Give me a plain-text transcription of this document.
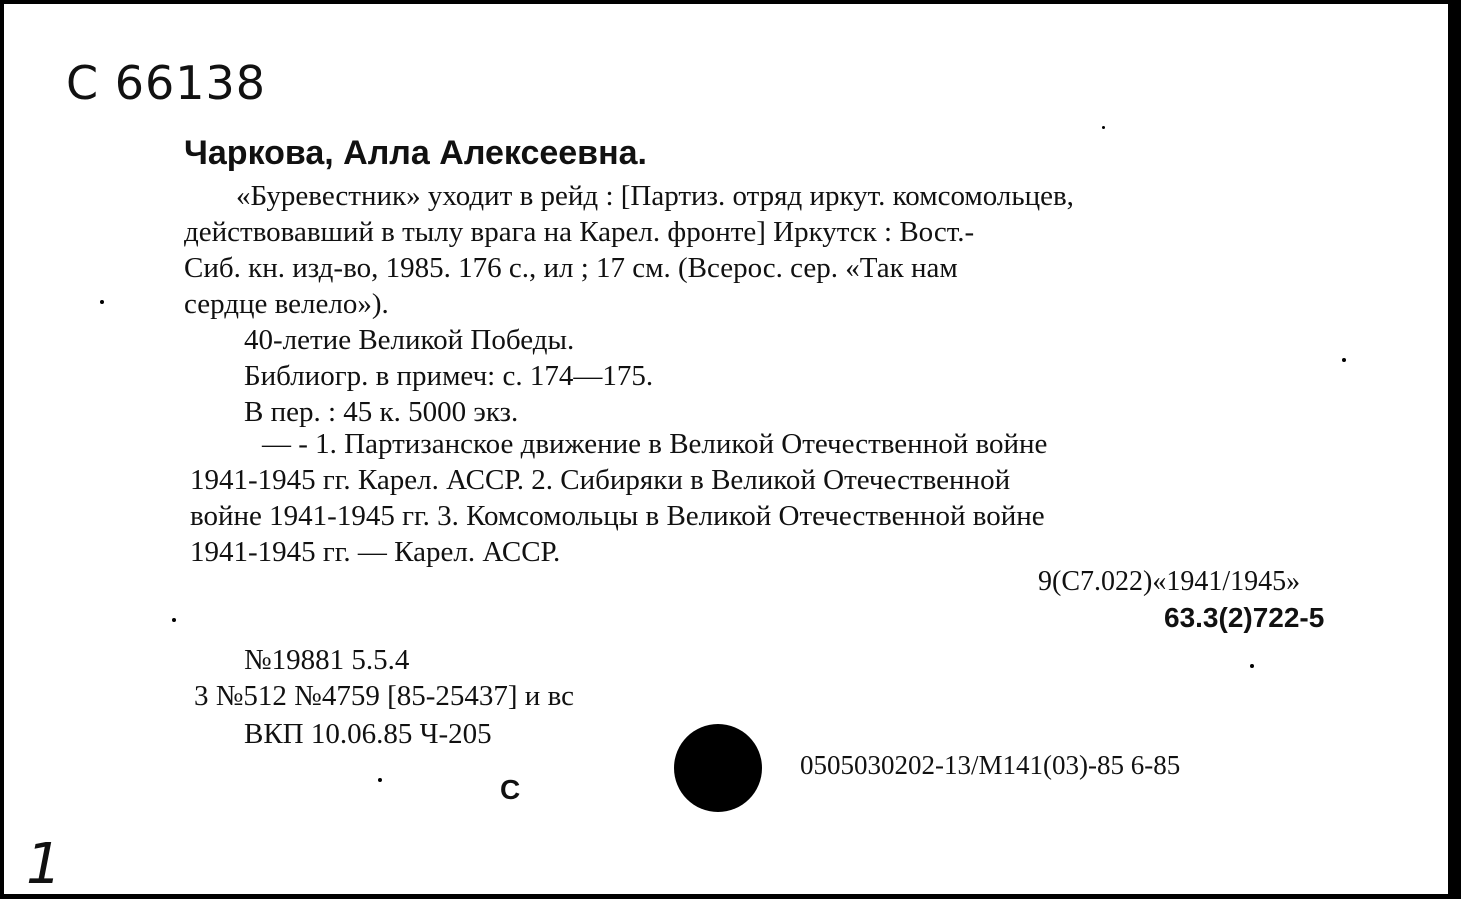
С 66138
Чаркова, Алла Алексеевна.
«Буревестник» уходит в рейд : [Партиз. отряд иркут. комсомольцев,
действовавший в тылу врага на Карел. фронте] Иркутск : Вост.-
Сиб. кн. изд-во, 1985. 176 с., ил ; 17 см. (Всерос. сер. «Так нам
сердце велело»).
40-летие Великой Победы.
Библиогр. в примеч: с. 174—175.
В пер. : 45 к. 5000 экз.
— - 1. Партизанское движение в Великой Отечественной войне
1941-1945 гг. Карел. АССР. 2. Сибиряки в Великой Отечественной
войне 1941-1945 гг. 3. Комсомольцы в Великой Отечественной войне
1941-1945 гг. — Карел. АССР.
9(С7.022)«1941/1945»
63.3(2)722-5
№19881 5.5.4
3 №512 №4759 [85-25437] и вс
ВКП 10.06.85 Ч-205
С
0505030202-13/М141(03)-85 6-85
1
